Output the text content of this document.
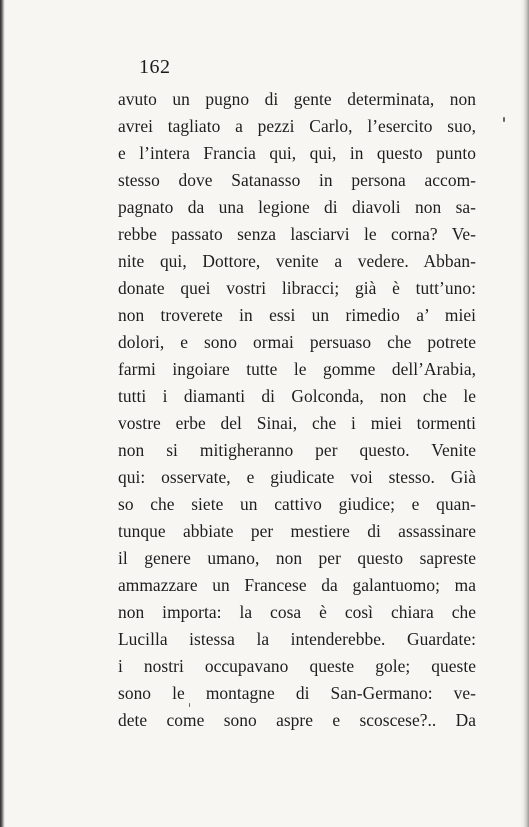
162
avuto un pugno di gente determinata, non
avrei tagliato a pezzi Carlo, l’esercito suo,
e l’intera Francia qui, qui, in questo punto
stesso dove Satanasso in persona accom-
pagnato da una legione di diavoli non sa-
rebbe passato senza lasciarvi le corna? Ve-
nite qui, Dottore, venite a vedere. Abban-
donate quei vostri libracci; già è tutt’uno:
non troverete in essi un rimedio a’ miei
dolori, e sono ormai persuaso che potrete
farmi ingoiare tutte le gomme dell’Arabia,
tutti i diamanti di Golconda, non che le
vostre erbe del Sinai, che i miei tormenti
non si mitigheranno per questo. Venite
qui: osservate, e giudicate voi stesso. Già
so che siete un cattivo giudice; e quan-
tunque abbiate per mestiere di assassinare
il genere umano, non per questo sapreste
ammazzare un Francese da galantuomo; ma
non importa: la cosa è così chiara che
Lucilla istessa la intenderebbe. Guardate:
i nostri occupavano queste gole; queste
sono le montagne di San-Germano: ve-
dete come sono aspre e scoscese?.. Da
